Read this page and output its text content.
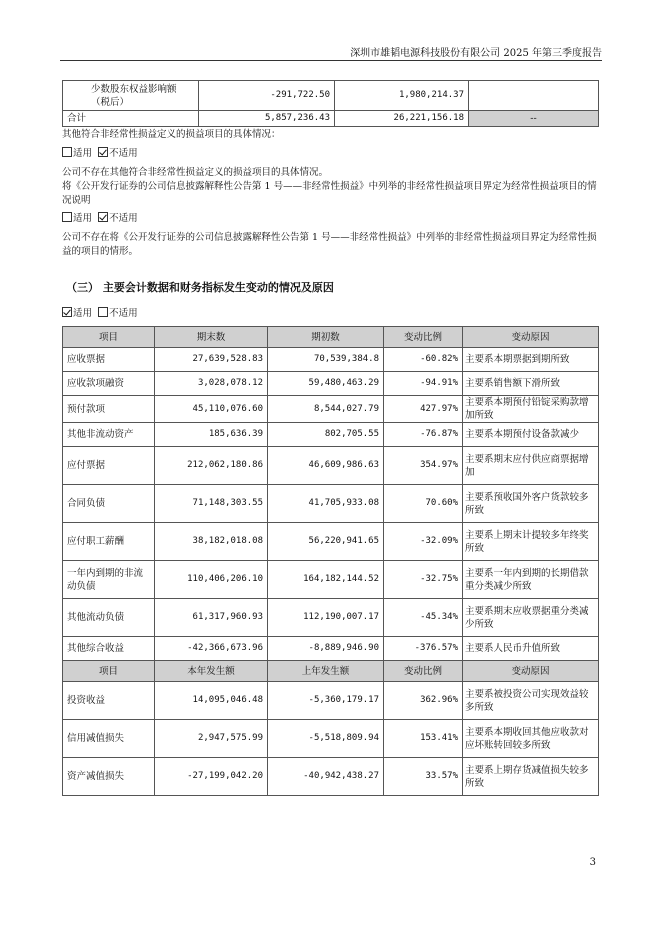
深圳市雄韬电源科技股份有限公司 2025 年第三季度报告
少数股东权益影响额（税后）	-291,722.50	1,980,214.37	
合计	5,857,236.43	26,221,156.18	--
其他符合非经常性损益定义的损益项目的具体情况：
适用 不适用
公司不存在其他符合非经常性损益定义的损益项目的具体情况。
将《公开发行证券的公司信息披露解释性公告第 1 号——非经常性损益》中列举的非经常性损益项目界定为经常性损益项目的情况说明
适用 不适用
公司不存在将《公开发行证券的公司信息披露解释性公告第 1 号——非经常性损益》中列举的非经常性损益项目界定为经常性损益的项目的情形。
（三） 主要会计数据和财务指标发生变动的情况及原因
适用 不适用
项目	期末数	期初数	变动比例	变动原因
应收票据	27,639,528.83	70,539,384.8	-60.82%	主要系本期票据到期所致
应收款项融资	3,028,078.12	59,480,463.29	-94.91%	主要系销售额下滑所致
预付款项	45,110,076.60	8,544,027.79	427.97%	主要系本期预付铅锭采购款增加所致
其他非流动资产	185,636.39	802,705.55	-76.87%	主要系本期预付设备款减少
应付票据	212,062,180.86	46,609,986.63	354.97%	主要系期末应付供应商票据增加
合同负债	71,148,303.55	41,705,933.08	70.60%	主要系预收国外客户货款较多所致
应付职工薪酬	38,182,018.08	56,220,941.65	-32.09%	主要系上期末计提较多年终奖所致
一年内到期的非流动负债	110,406,206.10	164,182,144.52	-32.75%	主要系一年内到期的长期借款重分类减少所致
其他流动负债	61,317,960.93	112,190,007.17	-45.34%	主要系期末应收票据重分类减少所致
其他综合收益	-42,366,673.96	-8,889,946.90	-376.57%	主要系人民币升值所致
项目	本年发生额	上年发生额	变动比例	变动原因
投资收益	14,095,046.48	-5,360,179.17	362.96%	主要系被投资公司实现效益较多所致
信用减值损失	2,947,575.99	-5,518,809.94	153.41%	主要系本期收回其他应收款对应坏账转回较多所致
资产减值损失	-27,199,042.20	-40,942,438.27	33.57%	主要系上期存货减值损失较多所致
3
